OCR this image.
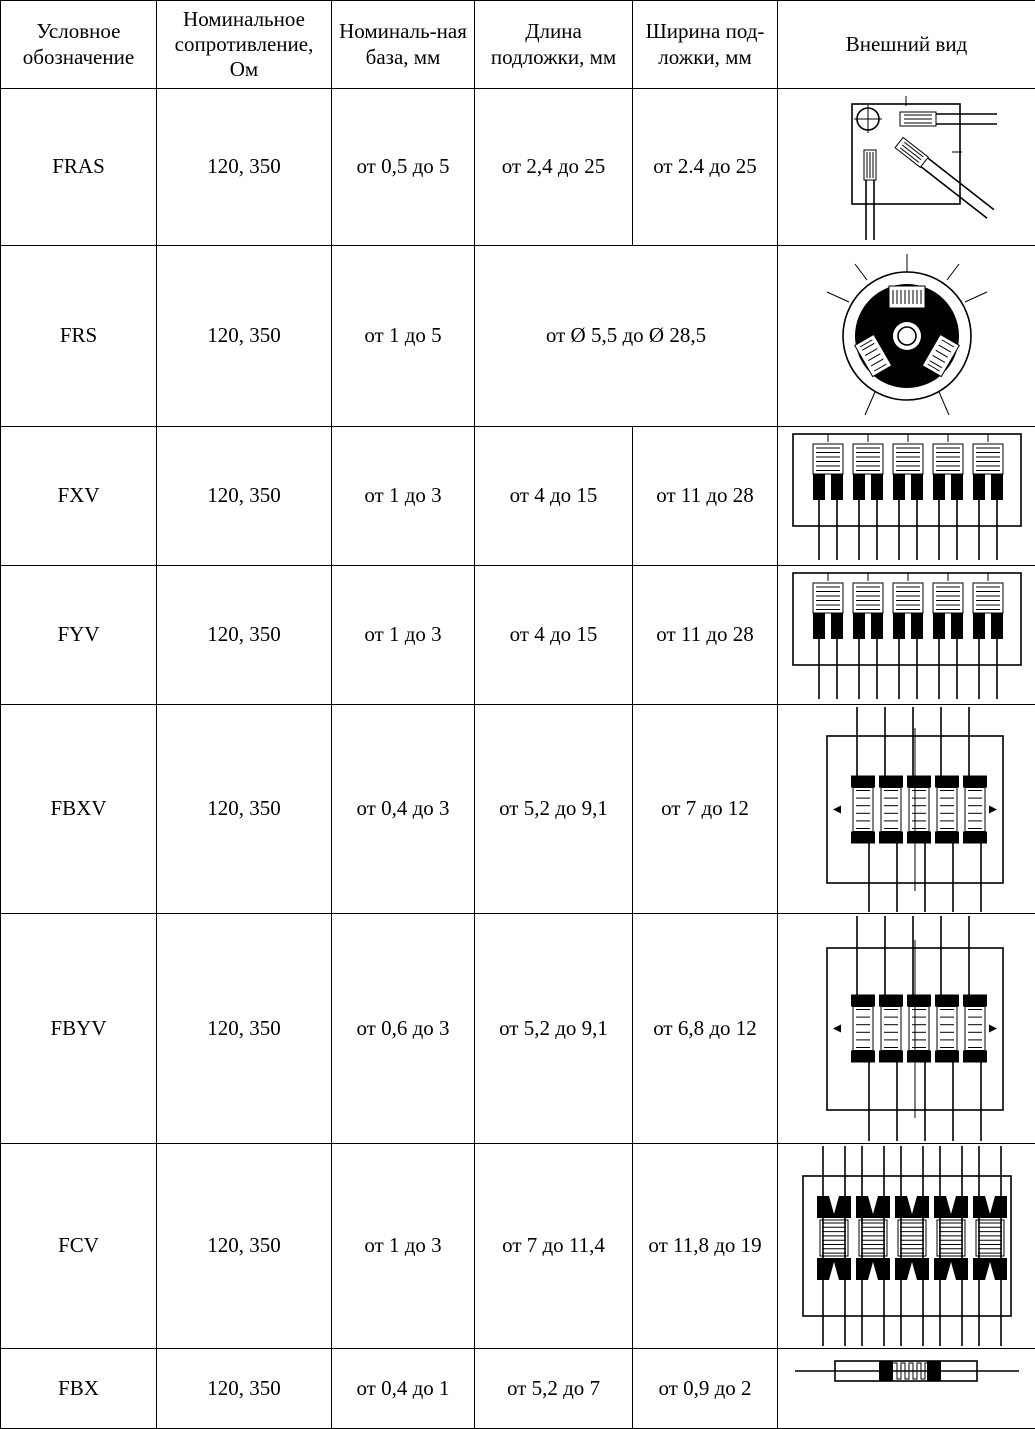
Условное обозначение	Номинальное сопротивление, Ом	Номиналь-ная база, мм	Длина подложки, мм	Ширина под-ложки, мм	Внешний вид
FRAS	120, 350	от 0,5 до 5	от 2,4 до 25	от 2.4 до 25	

FRS	120, 350	от 1 до 5	от Ø 5,5 до Ø 28,5	

FXV	120, 350	от 1 до 3	от 4 до 15	от 11 до 28	

FYV	120, 350	от 1 до 3	от 4 до 15	от 11 до 28	

FBXV	120, 350	от 0,4 до 3	от 5,2 до 9,1	от 7 до 12	

FBYV	120, 350	от 0,6 до 3	от 5,2 до 9,1	от 6,8 до 12	

FCV	120, 350	от 1 до 3	от 7 до 11,4	от 11,8 до 19	

FBX	120, 350	от 0,4 до 1	от 5,2 до 7	от 0,9 до 2	
